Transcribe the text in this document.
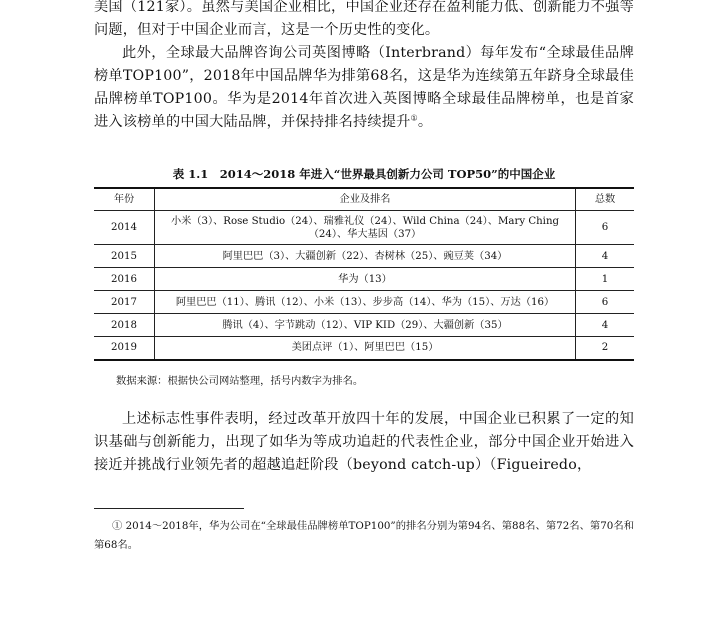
美国（121家）。虽然与美国企业相比，中国企业还存在盈利能力低、创新能力不强等问题，但对于中国企业而言，这是一个历史性的变化。
此外，全球最大品牌咨询公司英图博略（Interbrand）每年发布“全球最佳品牌榜单TOP100”，2018年中国品牌华为排第68名，这是华为连续第五年跻身全球最佳品牌榜单TOP100。华为是2014年首次进入英图博略全球最佳品牌榜单，也是首家进入该榜单的中国大陆品牌，并保持排名持续提升①。
表 1.1　2014～2018 年进入“世界最具创新力公司 TOP50”的中国企业
年份	企业及排名	总数
2014	小米（3）、Rose Studio（24）、瑞雅礼仪（24）、Wild China（24）、Mary Ching（24）、华大基因（37）	6
2015	阿里巴巴（3）、大疆创新（22）、杏树林（25）、豌豆荚（34）	4
2016	华为（13）	1
2017	阿里巴巴（11）、腾讯（12）、小米（13）、步步高（14）、华为（15）、万达（16）	6
2018	腾讯（4）、字节跳动（12）、VIP KID（29）、大疆创新（35）	4
2019	美团点评（1）、阿里巴巴（15）	2
数据来源：根据快公司网站整理，括号内数字为排名。
上述标志性事件表明，经过改革开放四十年的发展，中国企业已积累了一定的知识基础与创新能力，出现了如华为等成功追赶的代表性企业，部分中国企业开始进入接近并挑战行业领先者的超越追赶阶段（beyond catch-up）（Figueiredo，
① 2014～2018年，华为公司在“全球最佳品牌榜单TOP100”的排名分别为第94名、第88名、第72名、第70名和第68名。
